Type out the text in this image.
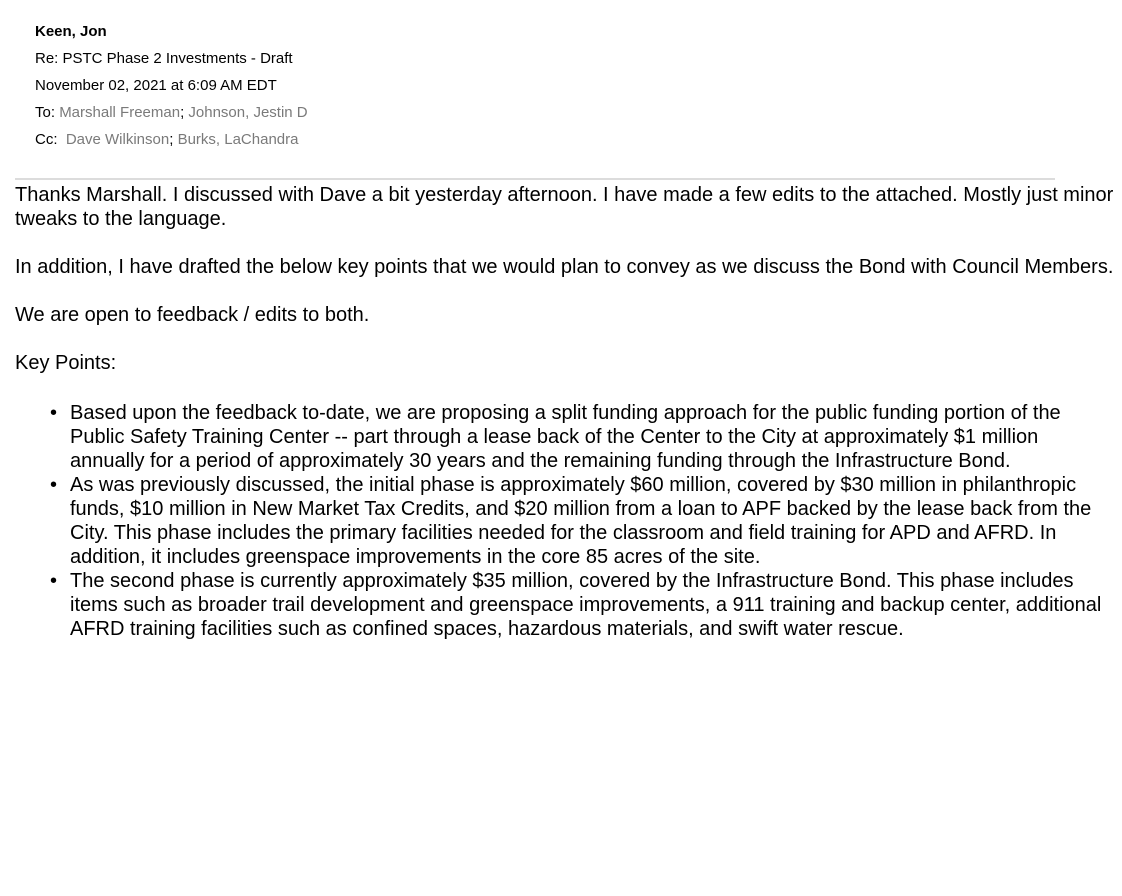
Keen, Jon
Re: PSTC Phase 2 Investments - Draft
November 02, 2021 at 6:09 AM EDT
To: Marshall Freeman; Johnson, Jestin D
Cc: Dave Wilkinson; Burks, LaChandra

Thanks Marshall. I discussed with Dave a bit yesterday afternoon. I have made a few edits to the attached. Mostly just minor tweaks to the language.

In addition, I have drafted the below key points that we would plan to convey as we discuss the Bond with Council Members.

We are open to feedback / edits to both.

Key Points:

• Based upon the feedback to-date, we are proposing a split funding approach for the public funding portion of the Public Safety Training Center -- part through a lease back of the Center to the City at approximately $1 million annually for a period of approximately 30 years and the remaining funding through the Infrastructure Bond.
• As was previously discussed, the initial phase is approximately $60 million, covered by $30 million in philanthropic funds, $10 million in New Market Tax Credits, and $20 million from a loan to APF backed by the lease back from the City. This phase includes the primary facilities needed for the classroom and field training for APD and AFRD. In addition, it includes greenspace improvements in the core 85 acres of the site.
• The second phase is currently approximately $35 million, covered by the Infrastructure Bond. This phase includes items such as broader trail development and greenspace improvements, a 911 training and backup center, additional AFRD training facilities such as confined spaces, hazardous materials, and swift water rescue.
